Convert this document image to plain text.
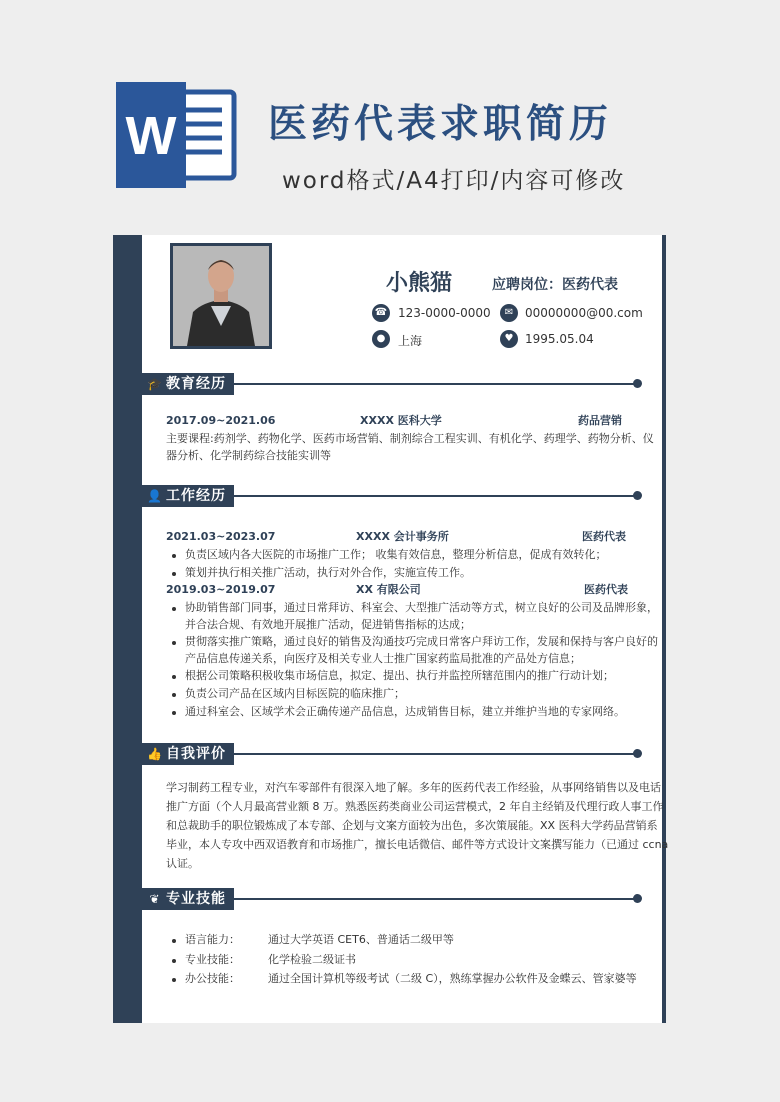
W 医药代表求职简历
word格式/A4打印/内容可修改
小熊猫	应聘岗位：医药代表
☎ 123-0000-0000	✉ 00000000@00.com
●	上海	♥ 1995.05.04
🎓 教育经历
2017.09~2021.06	XXXX 医科大学	药品营销
主要课程:药剂学、药物化学、医药市场营销、制剂综合工程实训、有机化学、药理学、药物分析、仪
器分析、化学制药综合技能实训等
👤 工作经历
2021.03~2023.07	XXXX 会计事务所	医药代表
负责区域内各大医院的市场推广工作； 收集有效信息，整理分析信息，促成有效转化；
策划并执行相关推广活动，执行对外合作，实施宣传工作。
2019.03~2019.07	XX 有限公司	医药代表
协助销售部门同事，通过日常拜访、科室会、大型推广活动等方式，树立良好的公司及品牌形象，
并合法合规、有效地开展推广活动，促进销售指标的达成；
贯彻落实推广策略，通过良好的销售及沟通技巧完成日常客户拜访工作，发展和保持与客户良好的
产品信息传递关系，向医疗及相关专业人士推广国家药监局批准的产品处方信息；
根据公司策略积极收集市场信息，拟定、提出、执行并监控所辖范围内的推广行动计划；
负责公司产品在区域内目标医院的临床推广；
通过科室会、区域学术会正确传递产品信息，达成销售目标，建立并维护当地的专家网络。
👍 自我评价
学习制药工程专业，对汽车零部件有很深入地了解。多年的医药代表工作经验，从事网络销售以及电话
推广方面（个人月最高营业额 8 万。熟悉医药类商业公司运营模式，2 年自主经销及代理行政人事工作
和总裁助手的职位锻炼成了本专部、企划与文案方面较为出色，多次策展能。XX 医科大学药品营销系
毕业，本人专攻中西双语教育和市场推广，擅长电话微信、邮件等方式设计文案撰写能力（已通过 ccna
认证。
❦ 专业技能
语言能力：	通过大学英语 CET6、普通话二级甲等
专业技能：	化学检验二级证书
办公技能：	通过全国计算机等级考试（二级 C），熟练掌握办公软件及金蝶云、管家婆等
